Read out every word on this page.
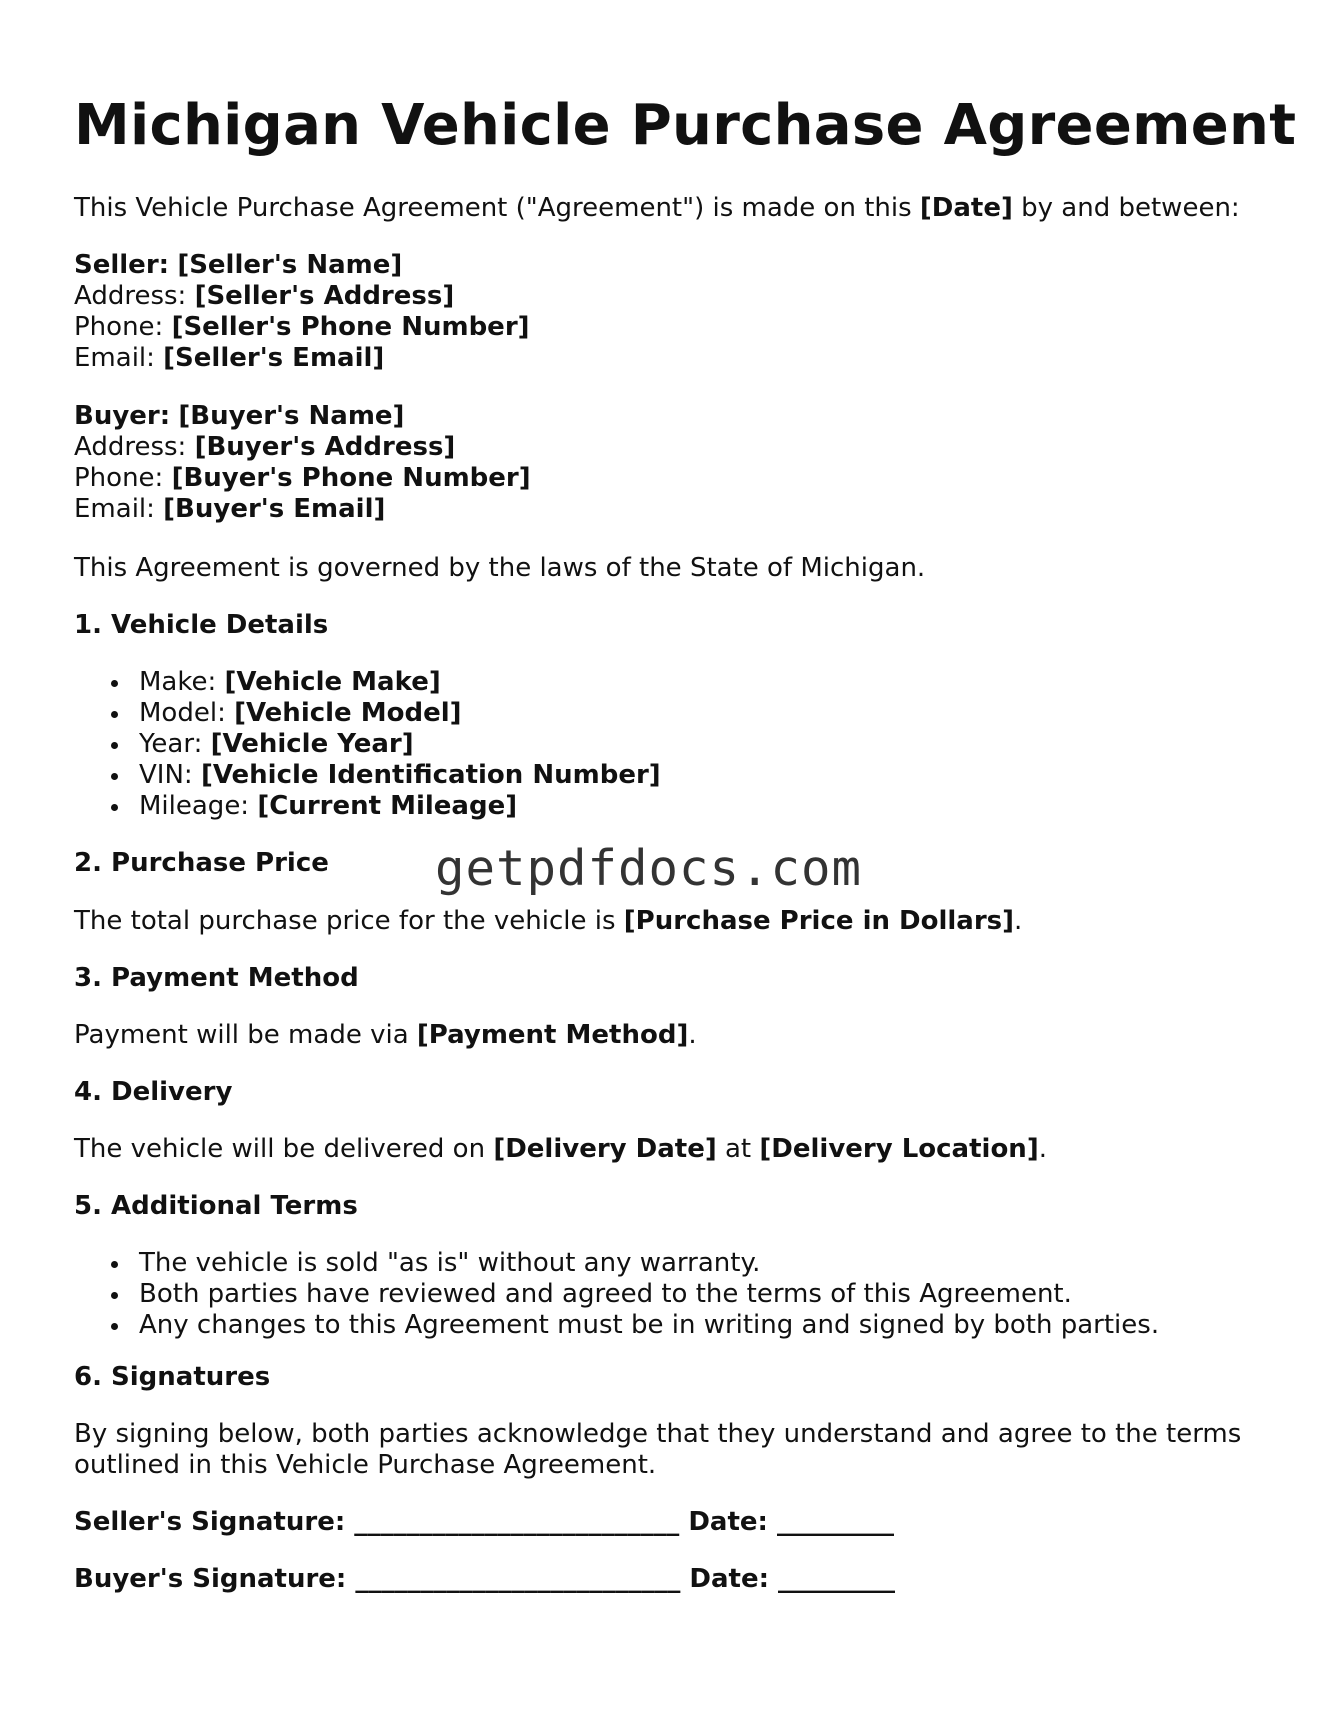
Michigan Vehicle Purchase Agreement

This Vehicle Purchase Agreement ("Agreement") is made on this [Date] by and between:

Seller: [Seller's Name]
Address: [Seller's Address]
Phone: [Seller's Phone Number]
Email: [Seller's Email]
Buyer: [Buyer's Name]
Address: [Buyer's Address]
Phone: [Buyer's Phone Number]
Email: [Buyer's Email]

This Agreement is governed by the laws of the State of Michigan.

1. Vehicle Details

Make: [Vehicle Make]
Model: [Vehicle Model]
Year: [Vehicle Year]
VIN: [Vehicle Identification Number]
Mileage: [Current Mileage]

2. Purchase Price

The total purchase price for the vehicle is [Purchase Price in Dollars].

3. Payment Method

Payment will be made via [Payment Method].

4. Delivery

The vehicle will be delivered on [Delivery Date] at [Delivery Location].

5. Additional Terms

The vehicle is sold "as is" without any warranty.
Both parties have reviewed and agreed to the terms of this Agreement.
Any changes to this Agreement must be in writing and signed by both parties.

6. Signatures

By signing below, both parties acknowledge that they understand and agree to the terms
outlined in this Vehicle Purchase Agreement.

Seller's Signature: _________________________ Date: _________

Buyer's Signature: _________________________ Date: _________

getpdfdocs.com
